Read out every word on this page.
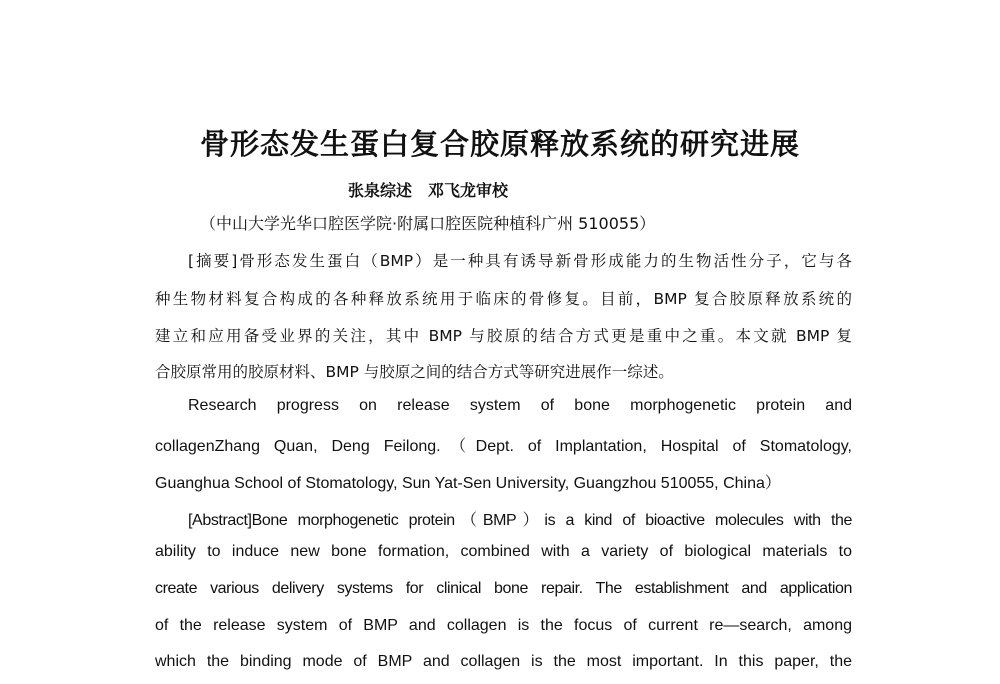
骨形态发生蛋白复合胶原释放系统的研究进展
张泉综述　邓飞龙审校
（中山大学光华口腔医学院·附属口腔医院种植科广州 510055）
[摘要]骨形态发生蛋白（BMP）是一种具有诱导新骨形成能力的生物活性分子，它与各
种生物材料复合构成的各种释放系统用于临床的骨修复。目前，BMP 复合胶原释放系统的
建立和应用备受业界的关注，其中 BMP 与胶原的结合方式更是重中之重。本文就 BMP 复
合胶原常用的胶原材料、BMP 与胶原之间的结合方式等研究进展作一综述。
Research progress on release system of bone morphogenetic protein and
collagenZhang Quan, Deng Feilong.（Dept. of Implantation, Hospital of Stomatology,
Guanghua School of Stomatology, Sun Yat-Sen University, Guangzhou 510055, China）
[Abstract]Bone morphogenetic protein（BMP）is a kind of bioactive molecules with the
ability to induce new bone formation, combined with a variety of biological materials to
create various delivery systems for clinical bone repair. The establishment and application
of the release system of BMP and collagen is the focus of current re—search, among
which the binding mode of BMP and collagen is the most important. In this paper, the
